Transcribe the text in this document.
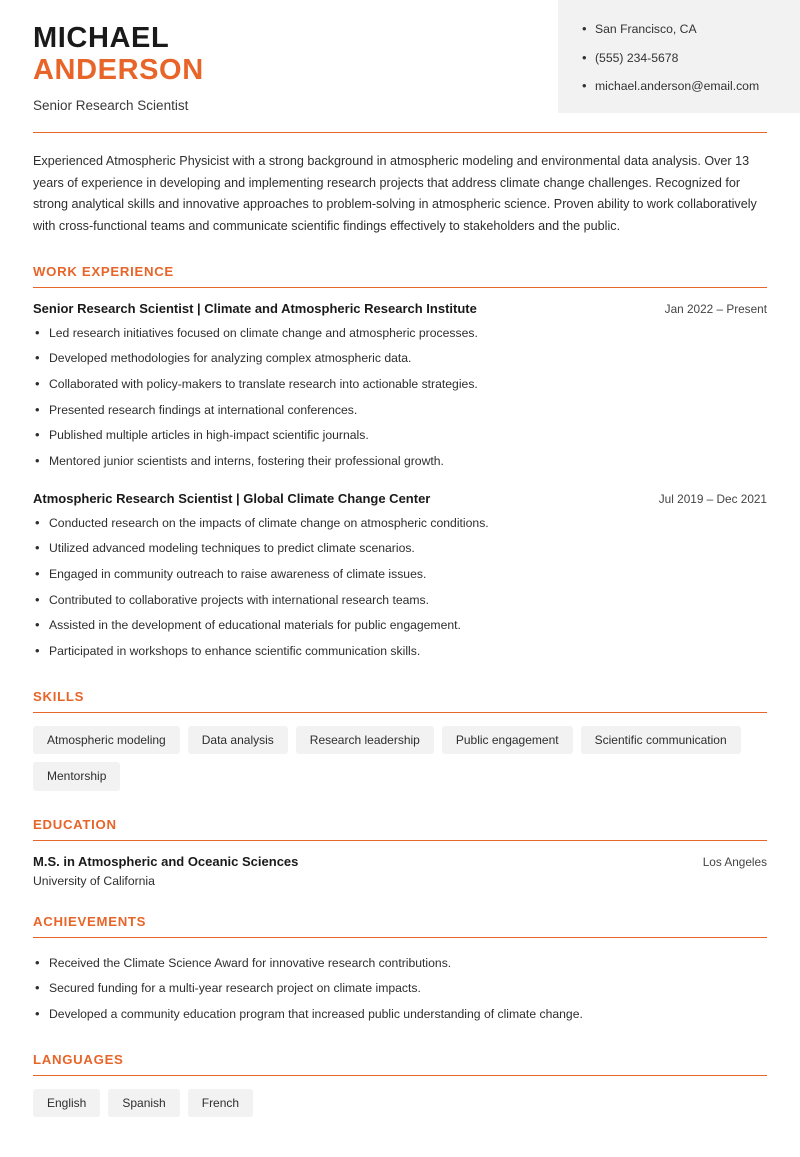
MICHAEL
ANDERSON
Senior Research Scientist
• San Francisco, CA
• (555) 234-5678
• michael.anderson@email.com
Experienced Atmospheric Physicist with a strong background in atmospheric modeling and environmental data analysis. Over 13 years of experience in developing and implementing research projects that address climate change challenges. Recognized for strong analytical skills and innovative approaches to problem-solving in atmospheric science. Proven ability to work collaboratively with cross-functional teams and communicate scientific findings effectively to stakeholders and the public.
WORK EXPERIENCE
Senior Research Scientist | Climate and Atmospheric Research Institute	Jan 2022 – Present
• Led research initiatives focused on climate change and atmospheric processes.
• Developed methodologies for analyzing complex atmospheric data.
• Collaborated with policy-makers to translate research into actionable strategies.
• Presented research findings at international conferences.
• Published multiple articles in high-impact scientific journals.
• Mentored junior scientists and interns, fostering their professional growth.
Atmospheric Research Scientist | Global Climate Change Center	Jul 2019 – Dec 2021
• Conducted research on the impacts of climate change on atmospheric conditions.
• Utilized advanced modeling techniques to predict climate scenarios.
• Engaged in community outreach to raise awareness of climate issues.
• Contributed to collaborative projects with international research teams.
• Assisted in the development of educational materials for public engagement.
• Participated in workshops to enhance scientific communication skills.
SKILLS
Atmospheric modeling	Data analysis	Research leadership	Public engagement	Scientific communication
Mentorship
EDUCATION
M.S. in Atmospheric and Oceanic Sciences	Los Angeles
University of California
ACHIEVEMENTS
• Received the Climate Science Award for innovative research contributions.
• Secured funding for a multi-year research project on climate impacts.
• Developed a community education program that increased public understanding of climate change.
LANGUAGES
English	Spanish	French
